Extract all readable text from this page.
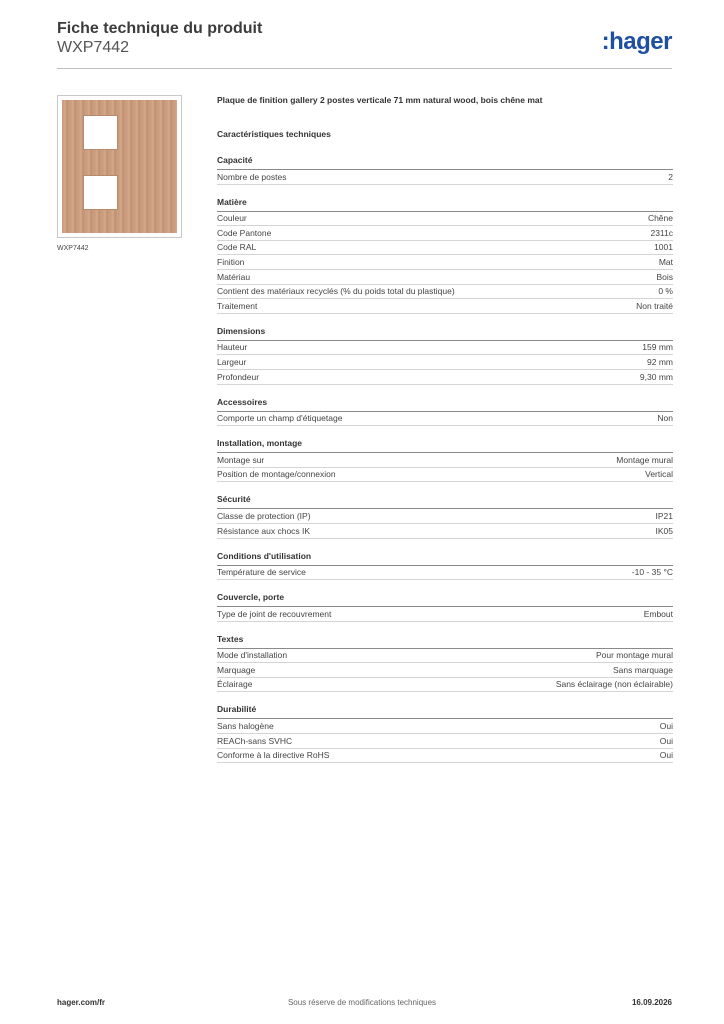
Fiche technique du produit
WXP7442	:hager
WXP7442
Plaque de finition gallery 2 postes verticale 71 mm natural wood, bois chêne mat
Caractéristiques techniques
Capacité
Nombre de postes	2
Matière
Couleur	Chêne
Code Pantone	2311c
Code RAL	1001
Finition	Mat
Matériau	Bois
Contient des matériaux recyclés (% du poids total du plastique)	0 %
Traitement	Non traité
Dimensions
Hauteur	159 mm
Largeur	92 mm
Profondeur	9,30 mm
Accessoires
Comporte un champ d'étiquetage	Non
Installation, montage
Montage sur	Montage mural
Position de montage/connexion	Vertical
Sécurité
Classe de protection (IP)	IP21
Résistance aux chocs IK	IK05
Conditions d'utilisation
Température de service	-10 - 35 °C
Couvercle, porte
Type de joint de recouvrement	Embout
Textes
Mode d'installation	Pour montage mural
Marquage	Sans marquage
Éclairage	Sans éclairage (non éclairable)
Durabilité
Sans halogène	Oui
REACh-sans SVHC	Oui
Conforme à la directive RoHS	Oui
hager.com/fr	Sous réserve de modifications techniques	16.09.2026
